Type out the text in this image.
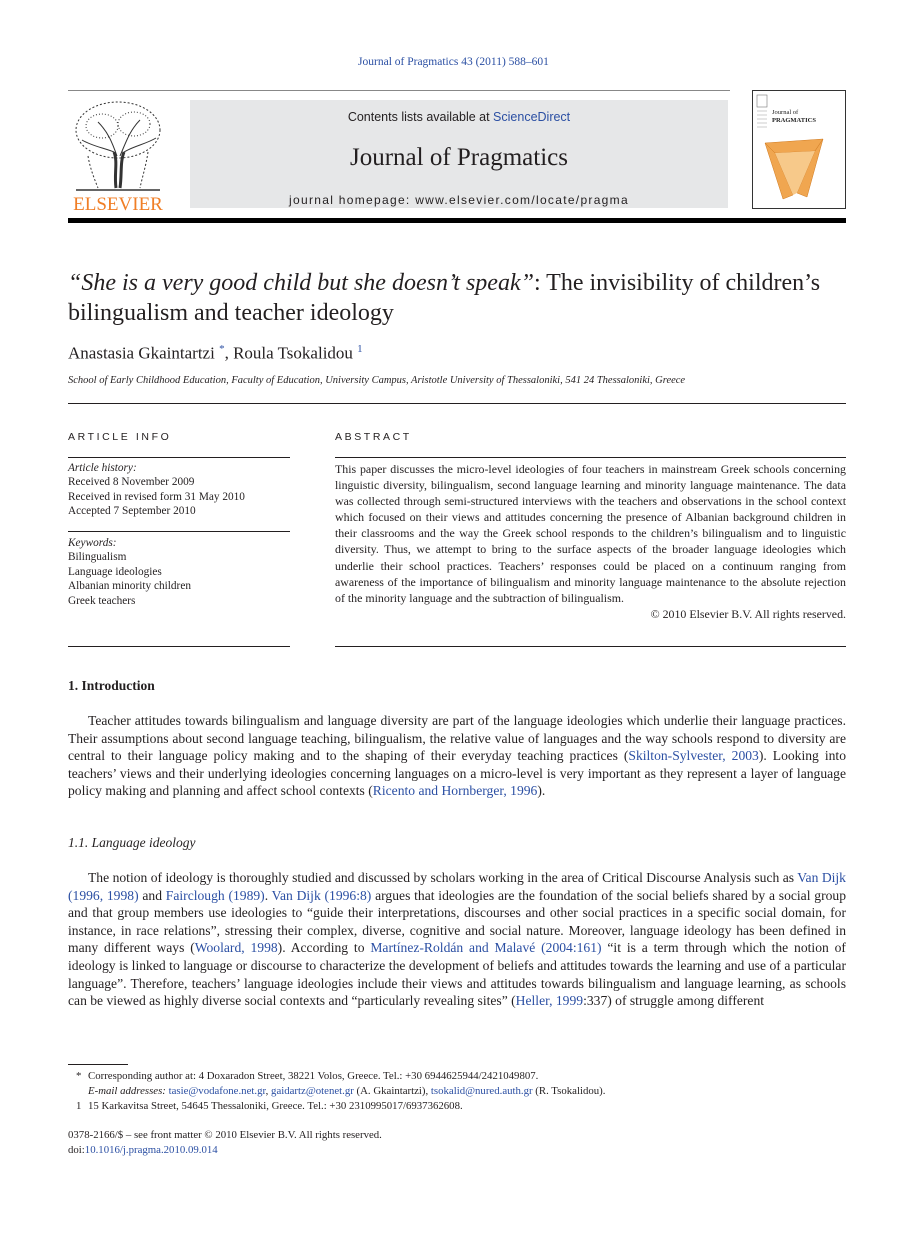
Journal of Pragmatics 43 (2011) 588–601
ELSEVIER
Contents lists available at ScienceDirect
Journal of Pragmatics
journal homepage: www.elsevier.com/locate/pragma
Journal of
PRAGMATICS
“She is a very good child but she doesn’t speak”: The invisibility of children’s bilingualism and teacher ideology
Anastasia Gkaintartzi *, Roula Tsokalidou $^1$
School of Early Childhood Education, Faculty of Education, University Campus, Aristotle University of Thessaloniki, 541 24 Thessaloniki, Greece
ARTICLE INFO
Article history:
Received 8 November 2009
Received in revised form 31 May 2010
Accepted 7 September 2010
Keywords:
Bilingualism
Language ideologies
Albanian minority children
Greek teachers
ABSTRACT
This paper discusses the micro-level ideologies of four teachers in mainstream Greek schools concerning linguistic diversity, bilingualism, second language learning and minority language maintenance. The data was collected through semi-structured interviews with the teachers and observations in the school context which focused on their views and attitudes concerning the presence of Albanian background children in their classrooms and the way the Greek school responds to the children’s bilingualism and to linguistic diversity. Thus, we attempt to bring to the surface aspects of the broader language ideologies which underlie their school practices. Teachers’ responses could be placed on a continuum ranging from awareness of the importance of bilingualism and minority language maintenance to the absolute rejection of the minority language and the subtraction of bilingualism.
© 2010 Elsevier B.V. All rights reserved.
1. Introduction
Teacher attitudes towards bilingualism and language diversity are part of the language ideologies which underlie their language practices. Their assumptions about second language teaching, bilingualism, the relative value of languages and the way schools respond to diversity are central to their language policy making and to the shaping of their everyday teaching practices (Skilton-Sylvester, 2003). Looking into teachers’ views and their underlying ideologies concerning languages on a micro-level is very important as they represent a layer of language policy making and planning and affect school contexts (Ricento and Hornberger, 1996).
1.1. Language ideology
The notion of ideology is thoroughly studied and discussed by scholars working in the area of Critical Discourse Analysis such as Van Dijk (1996, 1998) and Fairclough (1989). Van Dijk (1996:8) argues that ideologies are the foundation of the social beliefs shared by a social group and that group members use ideologies to “guide their interpretations, discourses and other social practices in a specific social domain, for instance, in race relations”, stressing their complex, diverse, cognitive and social nature. Moreover, language ideology has been defined in many different ways (Woolard, 1998). According to Martínez-Roldán and Malavé (2004:161) “it is a term through which the notion of ideology is linked to language or discourse to characterize the development of beliefs and attitudes towards the learning and use of a particular language”. Therefore, teachers’ language ideologies include their views and attitudes towards bilingualism and language learning, as schools can be viewed as highly diverse social contexts and “particularly revealing sites” (Heller, 1999:337) of struggle among different
* Corresponding author at: 4 Doxaradon Street, 38221 Volos, Greece. Tel.: +30 6944625944/2421049807.
E-mail addresses: tasie@vodafone.net.gr, gaidartz@otenet.gr (A. Gkaintartzi), tsokalid@nured.auth.gr (R. Tsokalidou).
1 15 Karkavitsa Street, 54645 Thessaloniki, Greece. Tel.: +30 2310995017/6937362608.
0378-2166/$ – see front matter © 2010 Elsevier B.V. All rights reserved.
doi:10.1016/j.pragma.2010.09.014
